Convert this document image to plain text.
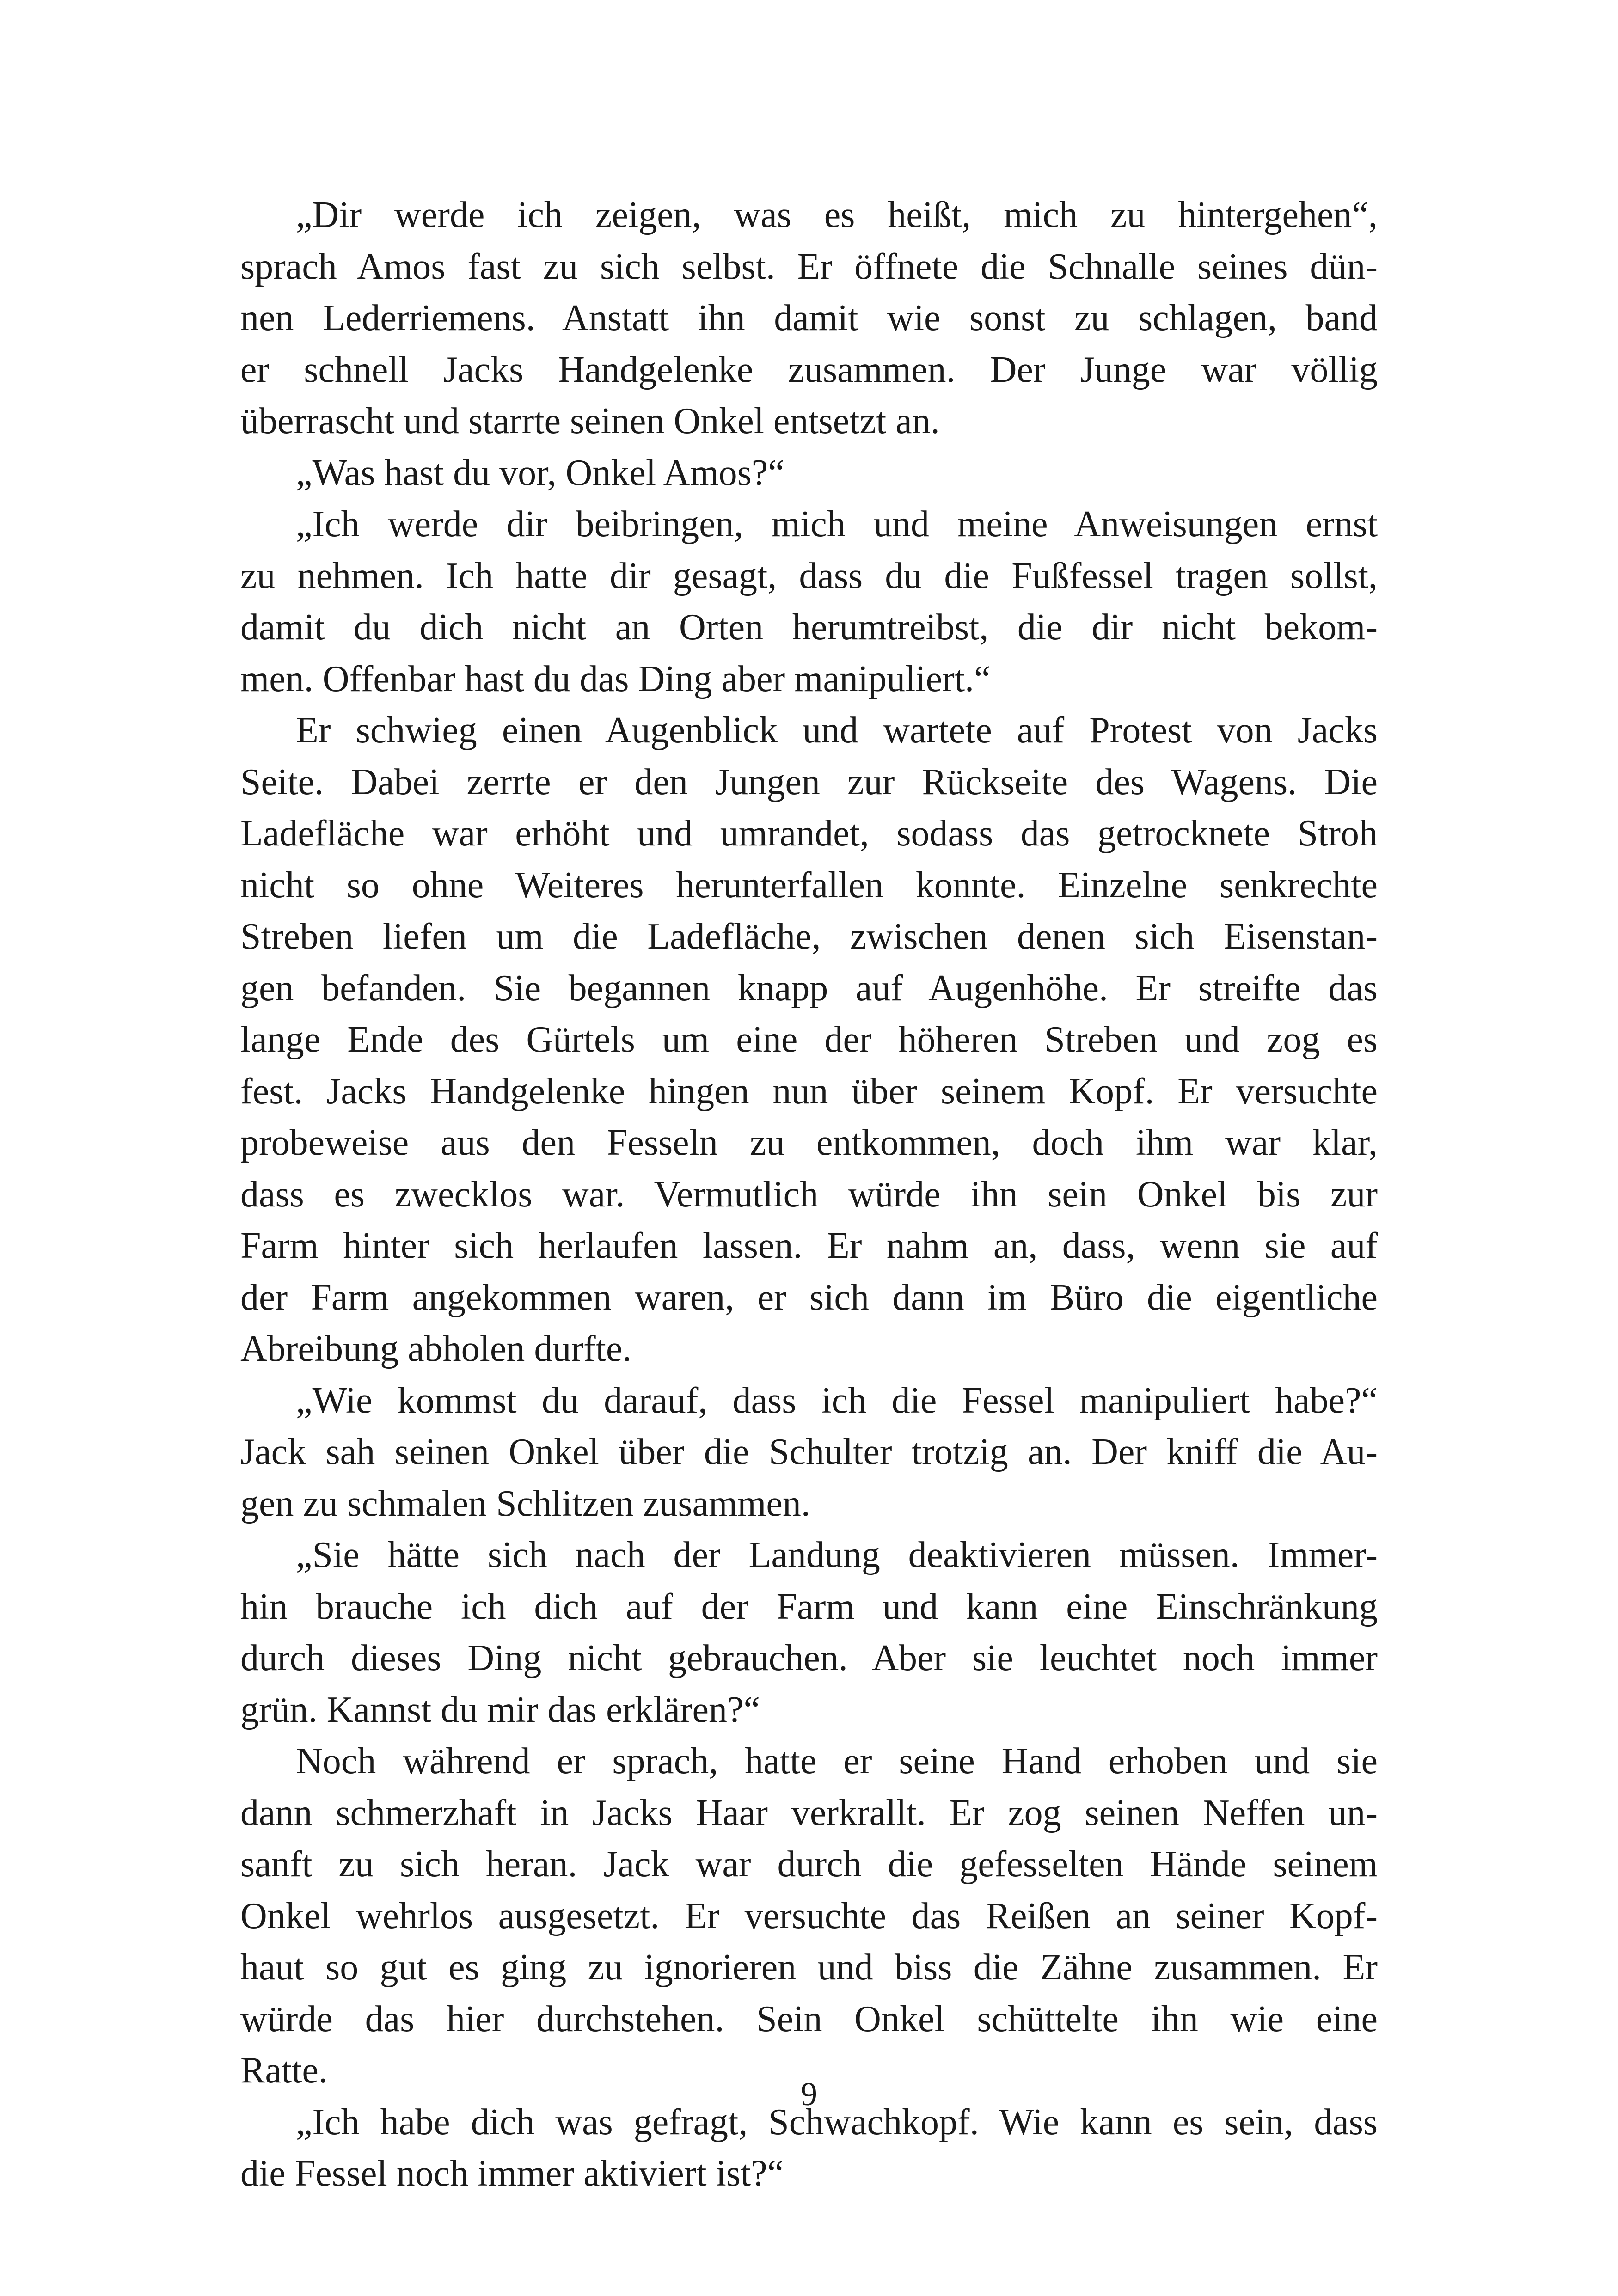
„Dir werde ich zeigen, was es heißt, mich zu hintergehen“,
sprach Amos fast zu sich selbst. Er öffnete die Schnalle seines dün-
nen Lederriemens. Anstatt ihn damit wie sonst zu schlagen, band
er schnell Jacks Handgelenke zusammen. Der Junge war völlig
überrascht und starrte seinen Onkel entsetzt an.
„Was hast du vor, Onkel Amos?“
„Ich werde dir beibringen, mich und meine Anweisungen ernst
zu nehmen. Ich hatte dir gesagt, dass du die Fußfessel tragen sollst,
damit du dich nicht an Orten herumtreibst, die dir nicht bekom-
men. Offenbar hast du das Ding aber manipuliert.“
Er schwieg einen Augenblick und wartete auf Protest von Jacks
Seite. Dabei zerrte er den Jungen zur Rückseite des Wagens. Die
Ladefläche war erhöht und umrandet, sodass das getrocknete Stroh
nicht so ohne Weiteres herunterfallen konnte. Einzelne senkrechte
Streben liefen um die Ladefläche, zwischen denen sich Eisenstan-
gen befanden. Sie begannen knapp auf Augenhöhe. Er streifte das
lange Ende des Gürtels um eine der höheren Streben und zog es
fest. Jacks Handgelenke hingen nun über seinem Kopf. Er versuchte
probeweise aus den Fesseln zu entkommen, doch ihm war klar,
dass es zwecklos war. Vermutlich würde ihn sein Onkel bis zur
Farm hinter sich herlaufen lassen. Er nahm an, dass, wenn sie auf
der Farm angekommen waren, er sich dann im Büro die eigentliche
Abreibung abholen durfte.
„Wie kommst du darauf, dass ich die Fessel manipuliert habe?“
Jack sah seinen Onkel über die Schulter trotzig an. Der kniff die Au-
gen zu schmalen Schlitzen zusammen.
„Sie hätte sich nach der Landung deaktivieren müssen. Immer-
hin brauche ich dich auf der Farm und kann eine Einschränkung
durch dieses Ding nicht gebrauchen. Aber sie leuchtet noch immer
grün. Kannst du mir das erklären?“
Noch während er sprach, hatte er seine Hand erhoben und sie
dann schmerzhaft in Jacks Haar verkrallt. Er zog seinen Neffen un-
sanft zu sich heran. Jack war durch die gefesselten Hände seinem
Onkel wehrlos ausgesetzt. Er versuchte das Reißen an seiner Kopf-
haut so gut es ging zu ignorieren und biss die Zähne zusammen. Er
würde das hier durchstehen. Sein Onkel schüttelte ihn wie eine
Ratte.
„Ich habe dich was gefragt, Schwachkopf. Wie kann es sein, dass
die Fessel noch immer aktiviert ist?“
9
